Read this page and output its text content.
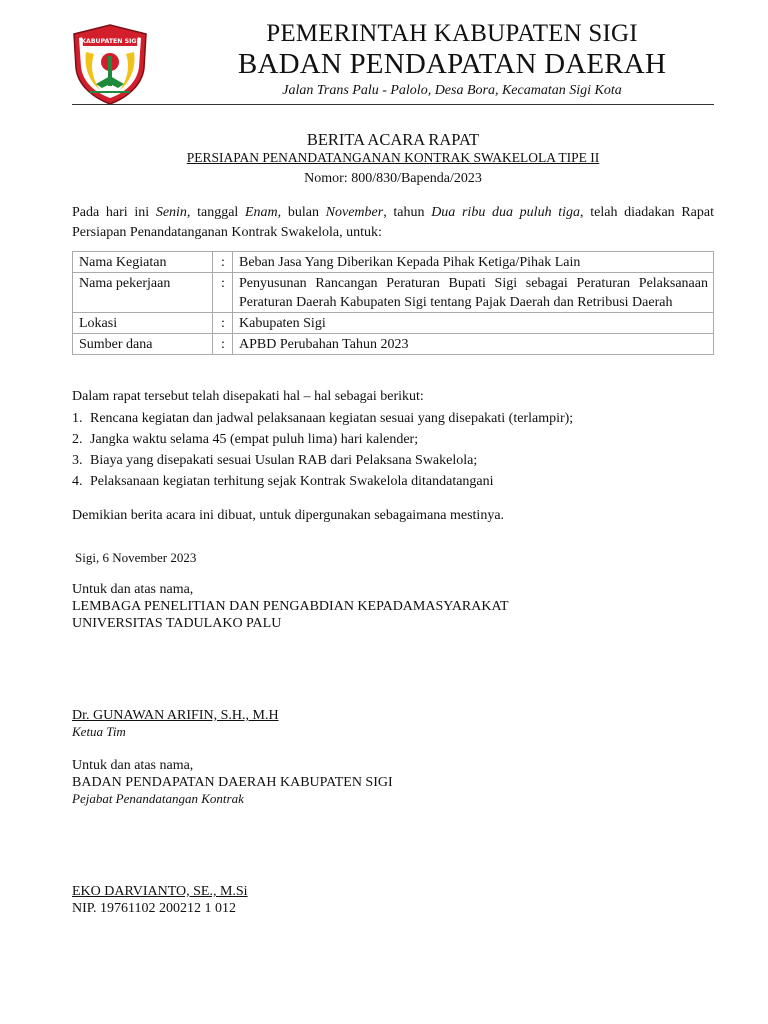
KABUPATEN SIGI	PEMERINTAH KABUPATEN SIGI
BADAN PENDAPATAN DAERAH
Jalan Trans Palu - Palolo, Desa Bora, Kecamatan Sigi Kota
BERITA ACARA RAPAT
PERSIAPAN PENANDATANGANAN KONTRAK SWAKELOLA TIPE II
Nomor: 800/830/Bapenda/2023
Pada hari ini Senin, tanggal Enam, bulan November, tahun Dua ribu dua puluh tiga, telah diadakan Rapat Persiapan Penandatanganan Kontrak Swakelola, untuk:
Nama Kegiatan	:	Beban Jasa Yang Diberikan Kepada Pihak Ketiga/Pihak Lain
Nama pekerjaan	:	Penyusunan Rancangan Peraturan Bupati Sigi sebagai Peraturan Pelaksanaan Peraturan Daerah Kabupaten Sigi tentang Pajak Daerah dan Retribusi Daerah
Lokasi	:	Kabupaten Sigi
Sumber dana	:	APBD Perubahan Tahun 2023
Dalam rapat tersebut telah disepakati hal – hal sebagai berikut:
1. Rencana kegiatan dan jadwal pelaksanaan kegiatan sesuai yang disepakati (terlampir);
2. Jangka waktu selama 45 (empat puluh lima) hari kalender;
3. Biaya yang disepakati sesuai Usulan RAB dari Pelaksana Swakelola;
4. Pelaksanaan kegiatan terhitung sejak Kontrak Swakelola ditandatangani
Demikian berita acara ini dibuat, untuk dipergunakan sebagaimana mestinya.
Sigi, 6 November 2023
Untuk dan atas nama,
LEMBAGA PENELITIAN DAN PENGABDIAN KEPADAMASYARAKAT
UNIVERSITAS TADULAKO PALU
Dr. GUNAWAN ARIFIN, S.H., M.H
Ketua Tim
Untuk dan atas nama,
BADAN PENDAPATAN DAERAH KABUPATEN SIGI
Pejabat Penandatangan Kontrak
EKO DARVIANTO, SE., M.Si
NIP. 19761102 200212 1 012
